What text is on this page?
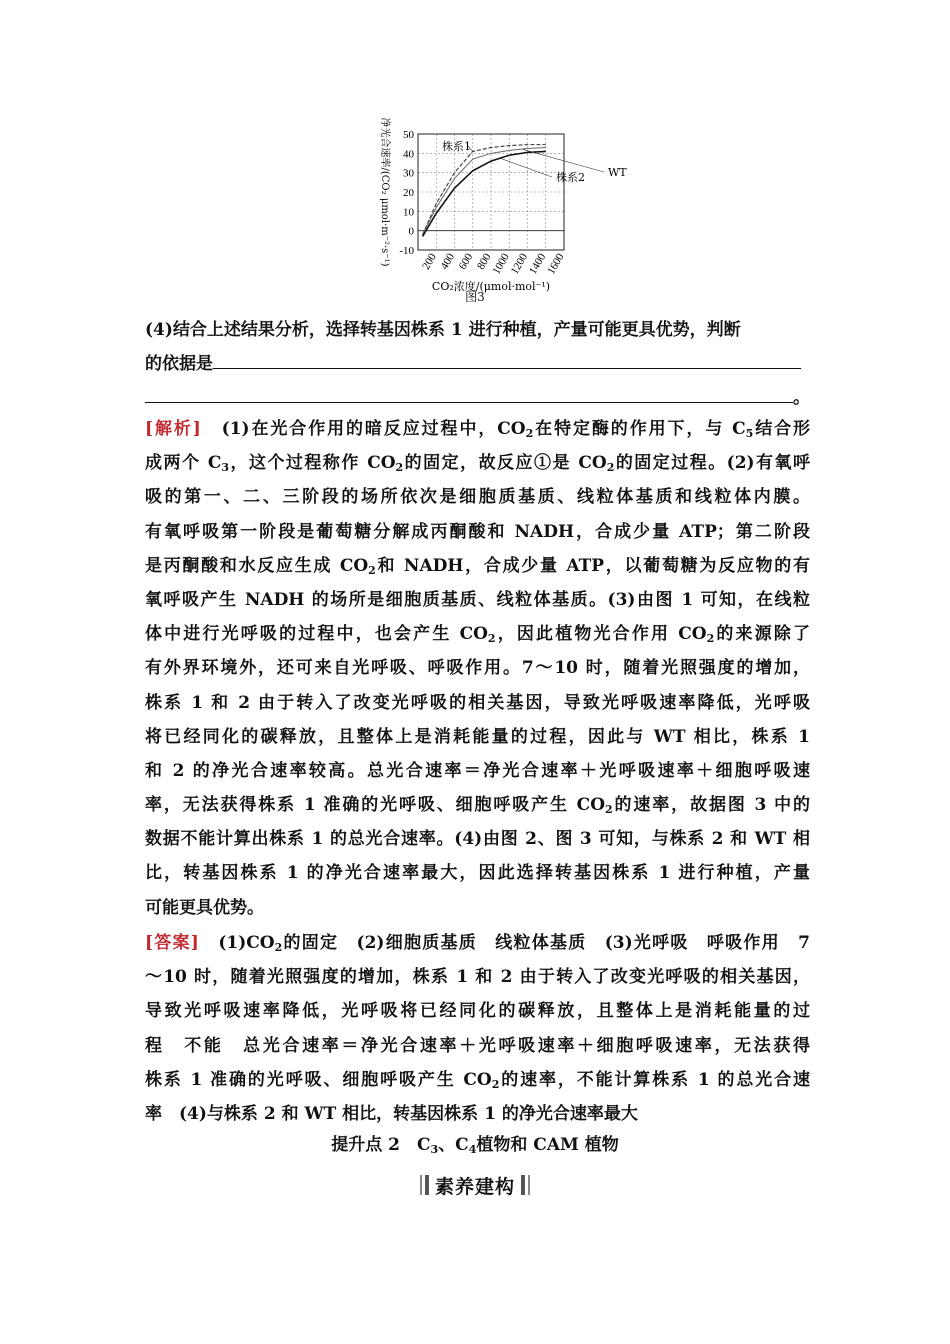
50
40
30
20
10
0
-10
200 400 600 800
1000
1200
1400
1600
CO₂浓度/(μmol·mol⁻¹)
净光合速率/(CO₂ μmol·m⁻²·s⁻¹)	株系1
WT
株系2
图3
(4)结合上述结果分析，选择转基因株系 1 进行种植，产量可能更具优势，判断
的依据是
。
[解析]　(1)在光合作用的暗反应过程中，$CO_2$在特定酶的作用下，与 $C_5$结合形
成两个 $C_3$，这个过程称作 $CO_2$的固定，故反应①是 $CO_2$的固定过程。(2)有氧呼
吸的第一、二、三阶段的场所依次是细胞质基质、线粒体基质和线粒体内膜。
有氧呼吸第一阶段是葡萄糖分解成丙酮酸和 NADH，合成少量 ATP；第二阶段
是丙酮酸和水反应生成 $CO_2$和 NADH，合成少量 ATP，以葡萄糖为反应物的有
氧呼吸产生 NADH 的场所是细胞质基质、线粒体基质。(3)由图 1 可知，在线粒
体中进行光呼吸的过程中，也会产生 $CO_2$，因此植物光合作用 $CO_2$的来源除了
有外界环境外，还可来自光呼吸、呼吸作用。7～10 时，随着光照强度的增加，
株系 1 和 2 由于转入了改变光呼吸的相关基因，导致光呼吸速率降低，光呼吸
将已经同化的碳释放，且整体上是消耗能量的过程，因此与 WT 相比，株系 1
和 2 的净光合速率较高。总光合速率＝净光合速率＋光呼吸速率＋细胞呼吸速
率，无法获得株系 1 准确的光呼吸、细胞呼吸产生 $CO_2$的速率，故据图 3 中的
数据不能计算出株系 1 的总光合速率。(4)由图 2、图 3 可知，与株系 2 和 WT 相
比，转基因株系 1 的净光合速率最大，因此选择转基因株系 1 进行种植，产量
可能更具优势。
[答案]　$(1)CO_2$的固定　(2)细胞质基质　线粒体基质　(3)光呼吸　呼吸作用　7
～10 时，随着光照强度的增加，株系 1 和 2 由于转入了改变光呼吸的相关基因，
导致光呼吸速率降低，光呼吸将已经同化的碳释放，且整体上是消耗能量的过
程　不能　总光合速率＝净光合速率＋光呼吸速率＋细胞呼吸速率，无法获得
株系 1 准确的光呼吸、细胞呼吸产生 $CO_2$的速率，不能计算株系 1 的总光合速
率　(4)与株系 2 和 WT 相比，转基因株系 1 的净光合速率最大
提升点 2　$C_3$、$C_4$植物和 CAM 植物
素养建构
